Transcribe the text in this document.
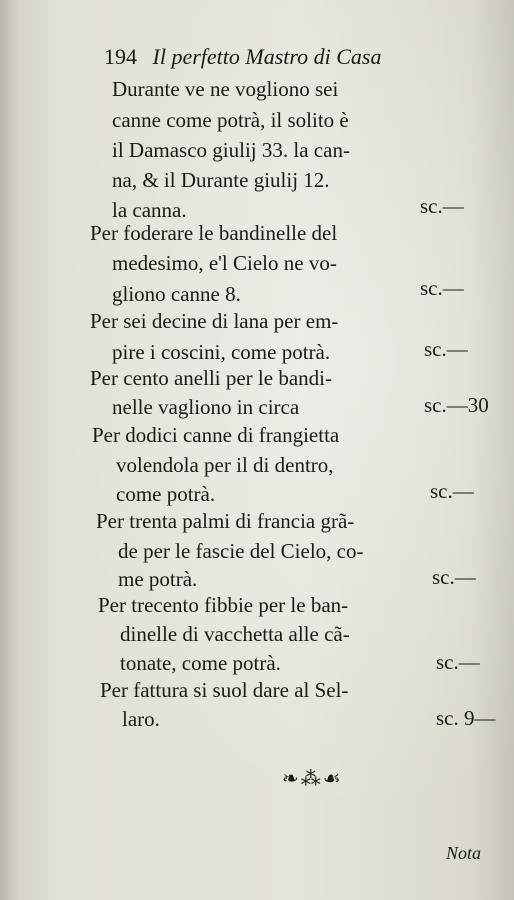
194 Il perfetto Mastro di Casa
Durante ve ne vogliono sei
canne come potrà, il solito è
il Damasco giulij 33. la can-
na, & il Durante giulij 12.
la canna.
Per foderare le bandinelle del
medesimo, e'l Cielo ne vo-
gliono canne 8.
Per sei decine di lana per em-
pire i coscini, come potrà.
Per cento anelli per le bandi-
nelle vagliono in circa
Per dodici canne di frangietta
volendola per il di dentro,
come potrà.
Per trenta palmi di francia grã-
de per le fascie del Cielo, co-
me potrà.
Per trecento fibbie per le ban-
dinelle di vacchetta alle cã-
tonate, come potrà.
Per fattura si suol dare al Sel-
laro.
sc.—
sc.—
sc.—
sc.—30
sc.—
sc.—
sc.—
sc. 9—
❧⁂☙
Nota
